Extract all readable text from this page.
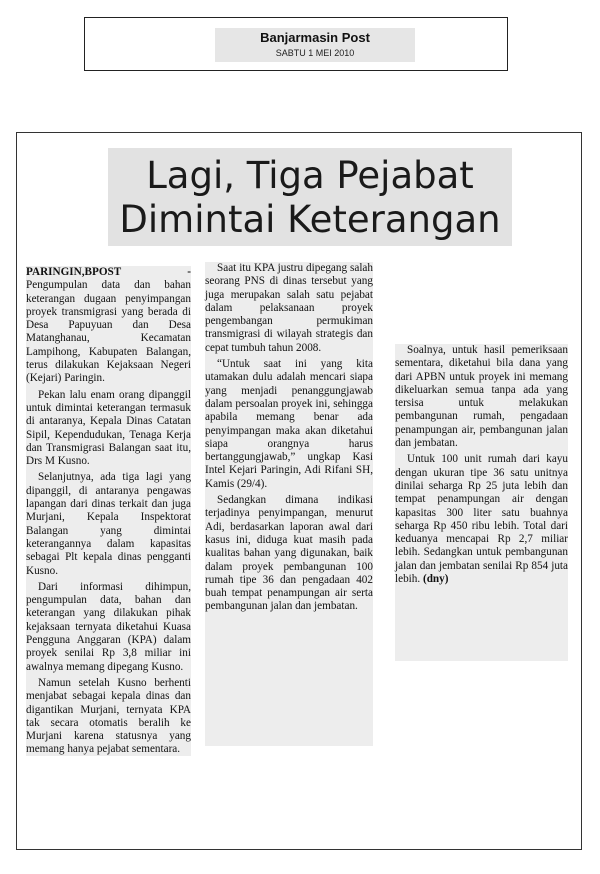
Banjarmasin Post
SABTU 1 MEI 2010
Lagi, Tiga Pejabat
Dimintai Keterangan

PARINGIN,BPOST - Pengumpulan data dan bahan keterangan dugaan penyimpangan proyek transmigrasi yang berada di Desa Papuyuan dan Desa Matanghanau, Kecamatan Lampihong, Kabupaten Balangan, terus dilakukan Kejaksaan Negeri (Kejari) Paringin.

Pekan lalu enam orang dipanggil untuk dimintai keterangan termasuk di antaranya, Kepala Dinas Catatan Sipil, Kependudukan, Tenaga Kerja dan Transmigrasi Balangan saat itu, Drs M Kusno.

Selanjutnya, ada tiga lagi yang dipanggil, di antaranya pengawas lapangan dari dinas terkait dan juga Murjani, Kepala Inspektorat Balangan yang dimintai keterangannya dalam kapasitas sebagai Plt kepala dinas pengganti Kusno.

Dari informasi dihimpun, pengumpulan data, bahan dan keterangan yang dilakukan pihak kejaksaan ternyata diketahui Kuasa Pengguna Anggaran (KPA) dalam proyek senilai Rp 3,8 miliar ini awalnya memang dipegang Kusno.

Namun setelah Kusno berhenti menjabat sebagai kepala dinas dan digantikan Murjani, ternyata KPA tak secara otomatis beralih ke Murjani karena statusnya yang memang hanya pejabat sementara.

Saat itu KPA justru dipegang salah seorang PNS di dinas tersebut yang juga merupakan salah satu pejabat dalam pelaksanaan proyek pengembangan permukiman transmigrasi di wilayah strategis dan cepat tumbuh tahun 2008.

“Untuk saat ini yang kita utamakan dulu adalah mencari siapa yang menjadi penanggungjawab dalam persoalan proyek ini, sehingga apabila memang benar ada penyimpangan maka akan diketahui siapa orangnya harus bertanggungjawab,” ungkap Kasi Intel Kejari Paringin, Adi Rifani SH, Kamis (29/4).

Sedangkan dimana indikasi terjadinya penyimpangan, menurut Adi, berdasarkan laporan awal dari kasus ini, diduga kuat masih pada kualitas bahan yang digunakan, baik dalam proyek pembangunan 100 rumah tipe 36 dan pengadaan 402 buah tempat penampungan air serta pembangunan jalan dan jembatan.

Soalnya, untuk hasil pemeriksaan sementara, diketahui bila dana yang dari APBN untuk proyek ini memang dikeluarkan semua tanpa ada yang tersisa untuk melakukan pembangunan rumah, pengadaan penampungan air, pembangunan jalan dan jembatan.

Untuk 100 unit rumah dari kayu dengan ukuran tipe 36 satu unitnya dinilai seharga Rp 25 juta lebih dan tempat penampungan air dengan kapasitas 300 liter satu buahnya seharga Rp 450 ribu lebih. Total dari keduanya mencapai Rp 2,7 miliar lebih. Sedangkan untuk pembangunan jalan dan jembatan senilai Rp 854 juta lebih. (dny)
